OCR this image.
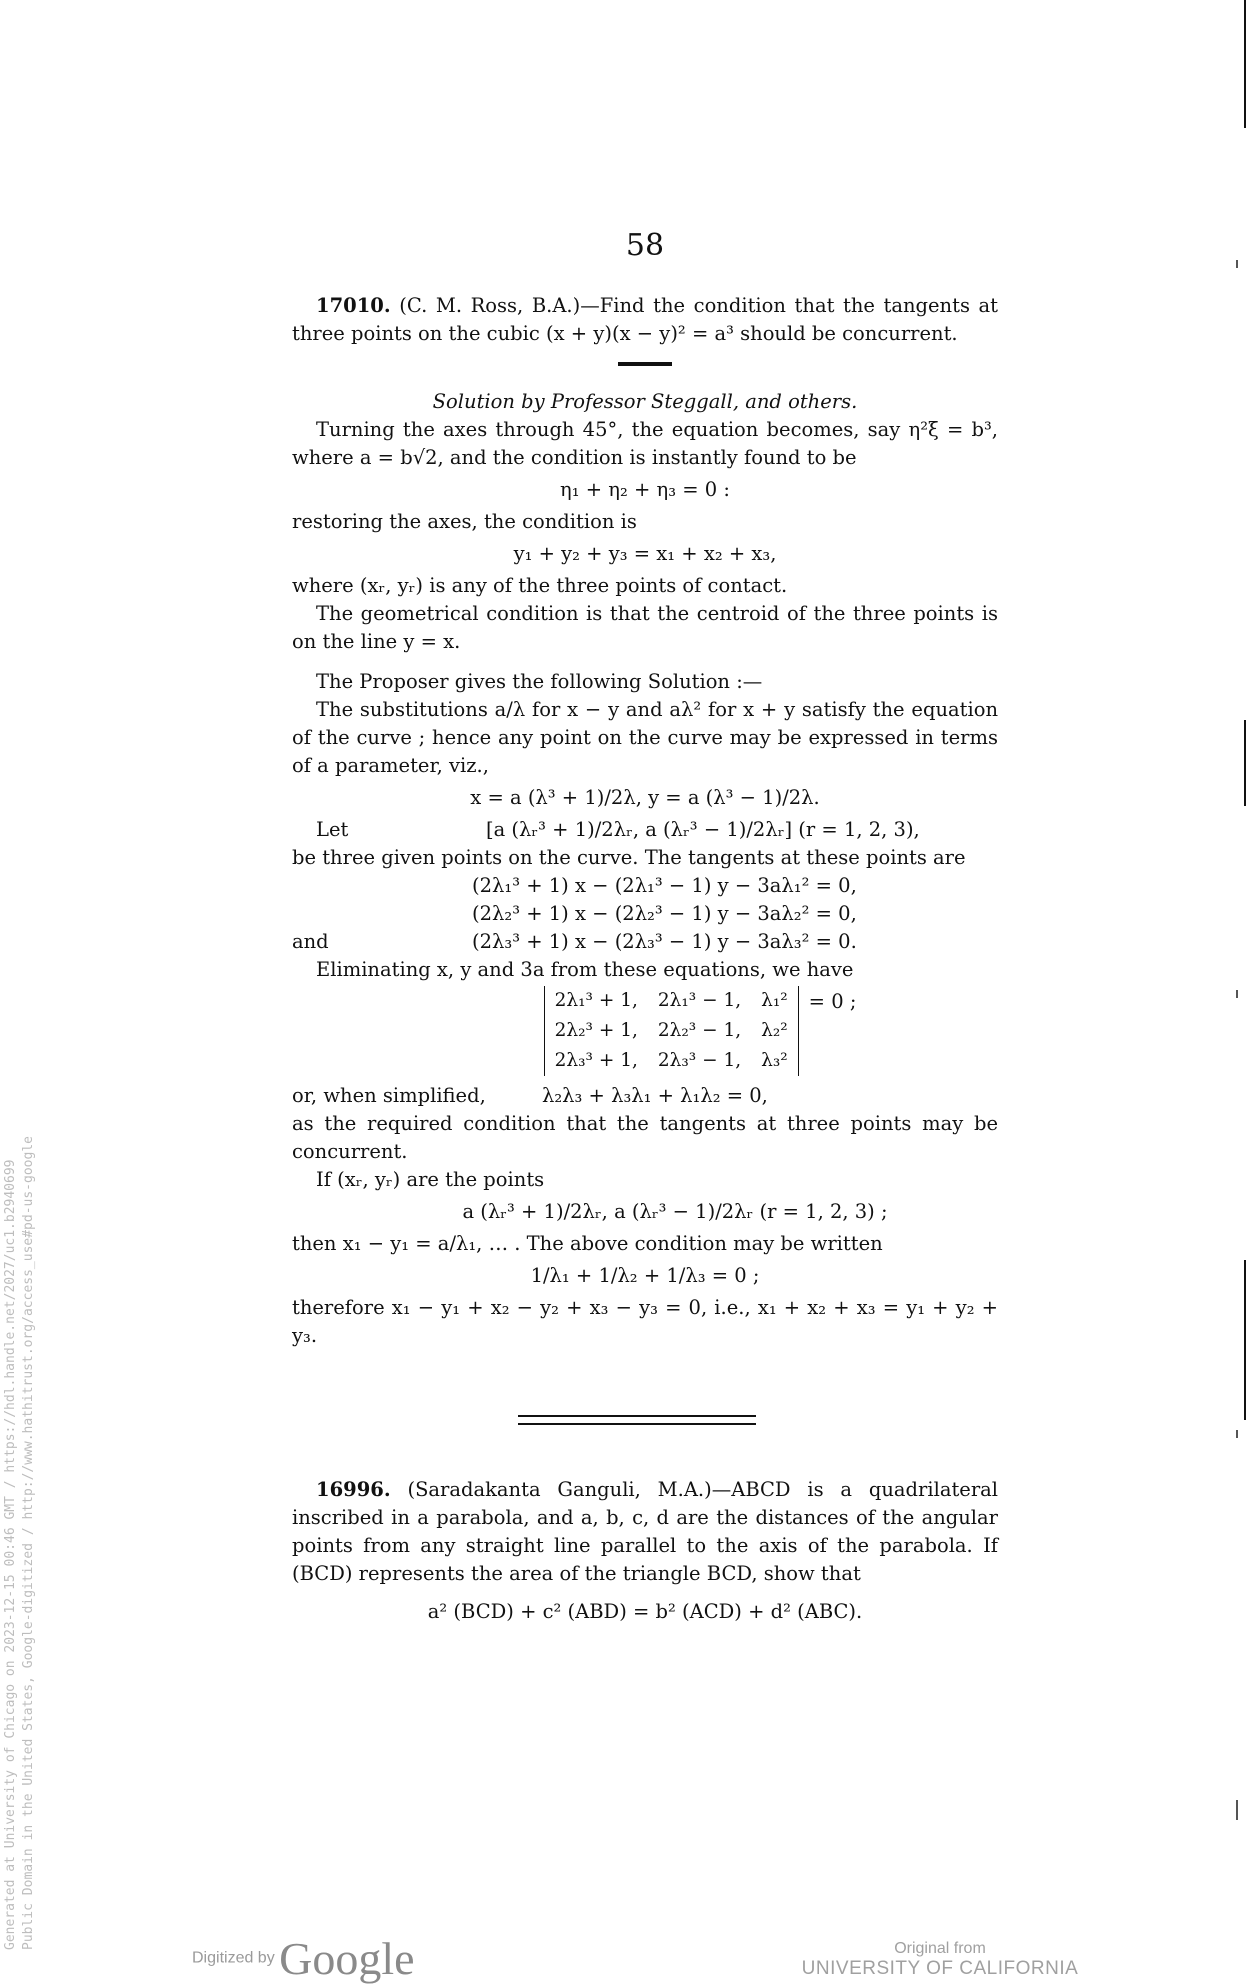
58

17010. (C. M. Ross, B.A.)—Find the condition that the tangents at three points on the cubic (x + y)(x − y)² = a³ should be concurrent.

Solution by Professor Steggall, and others.

Turning the axes through 45°, the equation becomes, say η²ξ = b³, where a = b√2, and the condition is instantly found to be

η₁ + η₂ + η₃ = 0 :

restoring the axes, the condition is

y₁ + y₂ + y₃ = x₁ + x₂ + x₃,

where (xᵣ, yᵣ) is any of the three points of contact.

The geometrical condition is that the centroid of the three points is on the line y = x.

The Proposer gives the following Solution :—

The substitutions a/λ for x − y and aλ² for x + y satisfy the equation of the curve ; hence any point on the curve may be expressed in terms of a parameter, viz.,

x = a (λ³ + 1)/2λ, y = a (λ³ − 1)/2λ.

Let	[a (λᵣ³ + 1)/2λᵣ, a (λᵣ³ − 1)/2λᵣ] (r = 1, 2, 3),

be three given points on the curve. The tangents at these points are

(2λ₁³ + 1) x − (2λ₁³ − 1) y − 3aλ₁² = 0,

(2λ₂³ + 1) x − (2λ₂³ − 1) y − 3aλ₂² = 0,

and	(2λ₃³ + 1) x − (2λ₃³ − 1) y − 3aλ₃² = 0.

Eliminating x, y and 3a from these equations, we have

2λ₁³ + 1,	2λ₁³ − 1,	λ₁²
2λ₂³ + 1,	2λ₂³ − 1,	λ₂²
2λ₃³ + 1,	2λ₃³ − 1,	λ₃²
= 0 ;

or, when simplified,	λ₂λ₃ + λ₃λ₁ + λ₁λ₂ = 0,

as the required condition that the tangents at three points may be concurrent.

If (xᵣ, yᵣ) are the points

a (λᵣ³ + 1)/2λᵣ, a (λᵣ³ − 1)/2λᵣ (r = 1, 2, 3) ;

then x₁ − y₁ = a/λ₁, … . The above condition may be written

1/λ₁ + 1/λ₂ + 1/λ₃ = 0 ;

therefore x₁ − y₁ + x₂ − y₂ + x₃ − y₃ = 0, i.e., x₁ + x₂ + x₃ = y₁ + y₂ + y₃.

16996. (Saradakanta Ganguli, M.A.)—ABCD is a quadrilateral inscribed in a parabola, and a, b, c, d are the distances of the angular points from any straight line parallel to the axis of the parabola. If (BCD) represents the area of the triangle BCD, show that

a² (BCD) + c² (ABD) = b² (ACD) + d² (ABC).

Generated at University of Chicago on 2023-12-15 00:46 GMT / https://hdl.handle.net/2027/uc1.b2940699 Public Domain in the United States, Google-digitized / http://www.hathitrust.org/access_use#pd-us-google
Digitized by Google	Original from
UNIVERSITY OF CALIFORNIA
